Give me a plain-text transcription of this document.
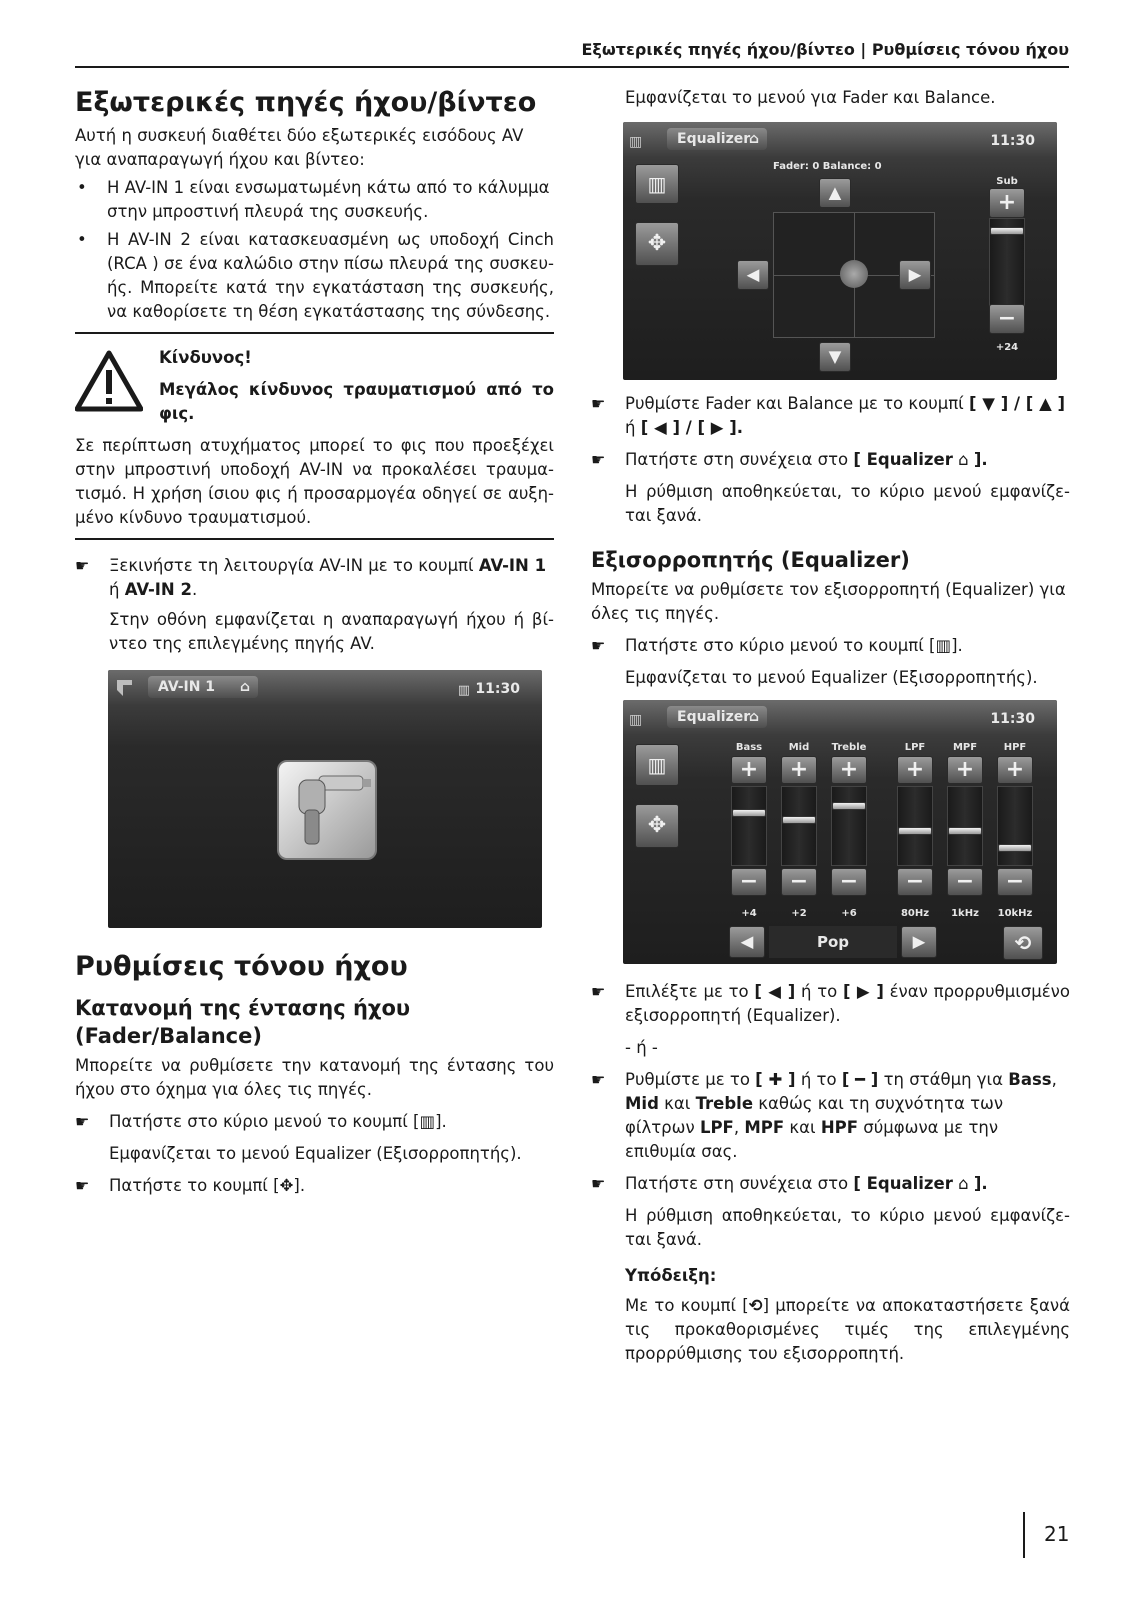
Εξωτερικές πηγές ήχου/βίντεο | Ρυθμίσεις τόνου ήχου
Εξωτερικές πηγές ήχου/βίντεο

Αυτή η συσκευή διαθέτει δύο εξωτερικές εισόδους AV για αναπαραγωγή ήχου και βίντεο:

• Η AV-IN 1 είναι ενσωματωμένη κάτω από το κάλυμμα στην μπροστινή πλευρά της συσκευής.
• Η AV-IN 2 είναι κατασκευασμένη ως υποδοχή Cinch (RCA ) σε ένα καλώδιο στην πίσω πλευρά της συσκευ-ής. Μπορείτε κατά την εγκατάσταση της συσκευής, να καθορίσετε τη θέση εγκατάστασης της σύνδεσης.
Κίνδυνος!
Μεγάλος κίνδυνος τραυματισμού από το φις.

Σε περίπτωση ατυχήματος μπορεί το φις που προεξέχει στην μπροστινή υποδοχή AV-IN να προκαλέσει τραυμα-τισμό. Η χρήση ίσιου φις ή προσαρμογέα οδηγεί σε αυξη-μένο κίνδυνο τραυματισμού.

☛ Ξεκινήστε τη λειτουργία AV-IN με το κουμπί AV-IN 1 ή AV-IN 2.

Στην οθόνη εμφανίζεται η αναπαραγωγή ήχου ή βί-ντεο της επιλεγμένης πηγής AV.

AV-IN 1 ⌂	▥ 11:30
Ρυθμίσεις τόνου ήχου
Κατανομή της έντασης ήχου (Fader/Balance)

Μπορείτε να ρυθμίσετε την κατανομή της έντασης του ήχου στο όχημα για όλες τις πηγές.

☛ Πατήστε στο κύριο μενού το κουμπί [▥].

Εμφανίζεται το μενού Equalizer (Εξισορροπητής).

☛ Πατήστε το κουμπί [✥].

Εμφανίζεται το μενού για Fader και Balance.

▥	Equalizer
⌂	11:30
Fader: 0 Balance: 0
▥
✥
▲
▼
◀	▶
Sub
+
−
+24
☛ Ρυθμίστε Fader και Balance με το κουμπί [ ▼ ] / [ ▲ ] ή [ ◀ ] / [ ▶ ].
☛ Πατήστε στη συνέχεια στο [ Equalizer ⌂ ].

Η ρύθμιση αποθηκεύεται, το κύριο μενού εμφανίζε-ται ξανά.

Εξισορροπητής (Equalizer)

Μπορείτε να ρυθμίσετε τον εξισορροπητή (Equalizer) για όλες τις πηγές.

☛ Πατήστε στο κύριο μενού το κουμπί [▥].

Εμφανίζεται το μενού Equalizer (Εξισορροπητής).

▥	Equalizer
⌂	11:30
▥
✥
Bass
+
−
+4
Mid
+
−
+2
Treble
+
−
+6
LPF
+
−
80Hz
MPF
+
−
1kHz
HPF
+
−
10kHz
◀	Pop	▶	⟲
☛ Επιλέξτε με το [ ◀ ] ή το [ ▶ ] έναν προρρυθμισμένο εξισορροπητή (Equalizer).

- ή -

☛ Ρυθμίστε με το [ ✚ ] ή το [ ━ ] τη στάθμη για Bass, Mid και Treble καθώς και τη συχνότητα των φίλτρων LPF, MPF και HPF σύμφωνα με την επιθυμία σας.
☛ Πατήστε στη συνέχεια στο [ Equalizer ⌂ ].

Η ρύθμιση αποθηκεύεται, το κύριο μενού εμφανίζε-ται ξανά.

Υπόδειξη:

Με το κουμπί [⟲] μπορείτε να αποκαταστήσετε ξανά τις προκαθορισμένες τιμές της επιλεγμένης προρρύθμισης του εξισορροπητή.

21
